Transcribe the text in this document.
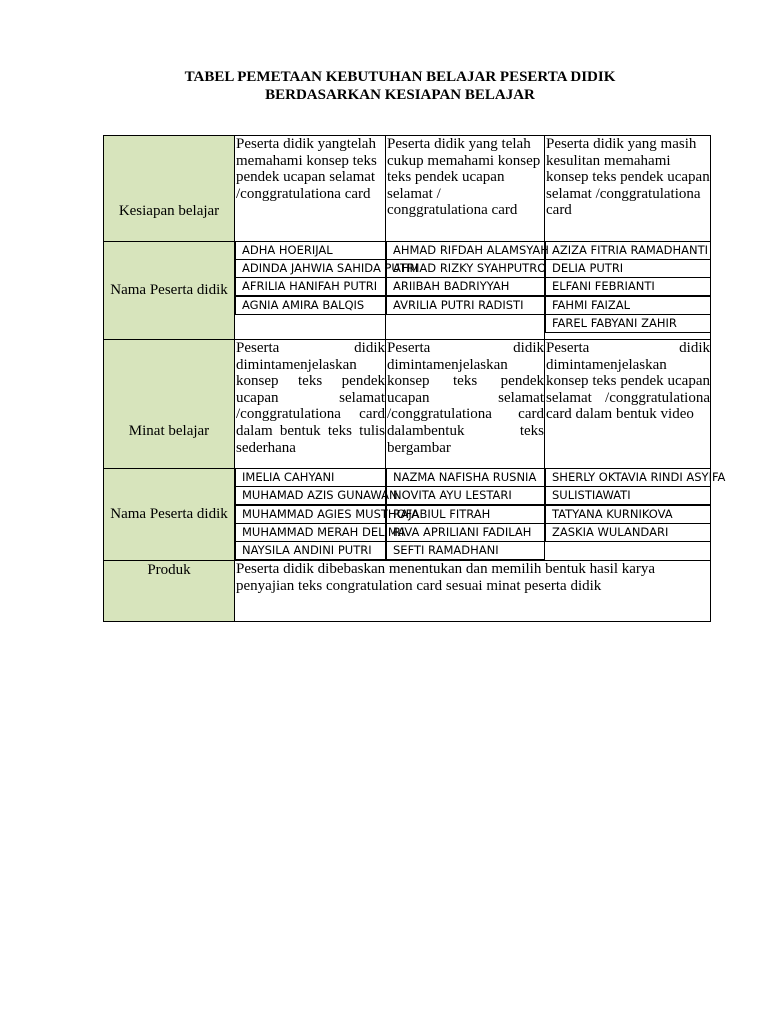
TABEL PEMETAAN KEBUTUHAN BELAJAR PESERTA DIDIK
BERDASARKAN KESIAPAN BELAJAR
Kesiapan belajar
Peserta didik yangtelah memahami konsep teks pendek ucapan selamat /conggratulationa card
Peserta didik yang telah cukup memahami konsep teks pendek ucapan selamat / conggratulationa card
Peserta didik yang masih kesulitan memahami konsep teks pendek ucapan selamat /conggratulationa card
Nama Peserta didik
ADHA HOERIJAL
ADINDA JAHWIA SAHIDA PUTRI
AFRILIA HANIFAH PUTRI
AGNIA AMIRA BALQIS
AHMAD RIFDAH ALAMSYAH
AHMAD RIZKY SYAHPUTRO
ARIIBAH BADRIYYAH
AVRILIA PUTRI RADISTI
AZIZA FITRIA RAMADHANTI
DELIA PUTRI
ELFANI FEBRIANTI
FAHMI FAIZAL
FAREL FABYANI ZAHIR
Minat belajar
Peserta didik dimintamenjelaskan konsep teks pendek ucapan selamat /conggratulationa card dalam bentuk teks tulis sederhana
Peserta didik dimintamenjelaskan konsep teks pendek ucapan selamat /conggratulationa card dalambentuk teks bergambar
Peserta didik dimintamenjelaskan konsep teks pendek ucapan selamat /conggratulationa card dalam bentuk video
Nama Peserta didik
IMELIA CAHYANI
MUHAMAD AZIS GUNAWAN
MUHAMMAD AGIES MUSTHOFA
MUHAMMAD MERAH DELIMA
NAYSILA ANDINI PUTRI
NAZMA NAFISHA RUSNIA
NOVITA AYU LESTARI
RAJABIUL FITRAH
RIVA APRILIANI FADILAH
SEFTI RAMADHANI
SHERLY OKTAVIA RINDI ASYIFA
SULISTIAWATI
TATYANA KURNIKOVA
ZASKIA WULANDARI
Produk	Peserta didik dibebaskan menentukan dan memilih bentuk hasil karya penyajian teks congratulation card sesuai minat peserta didik
